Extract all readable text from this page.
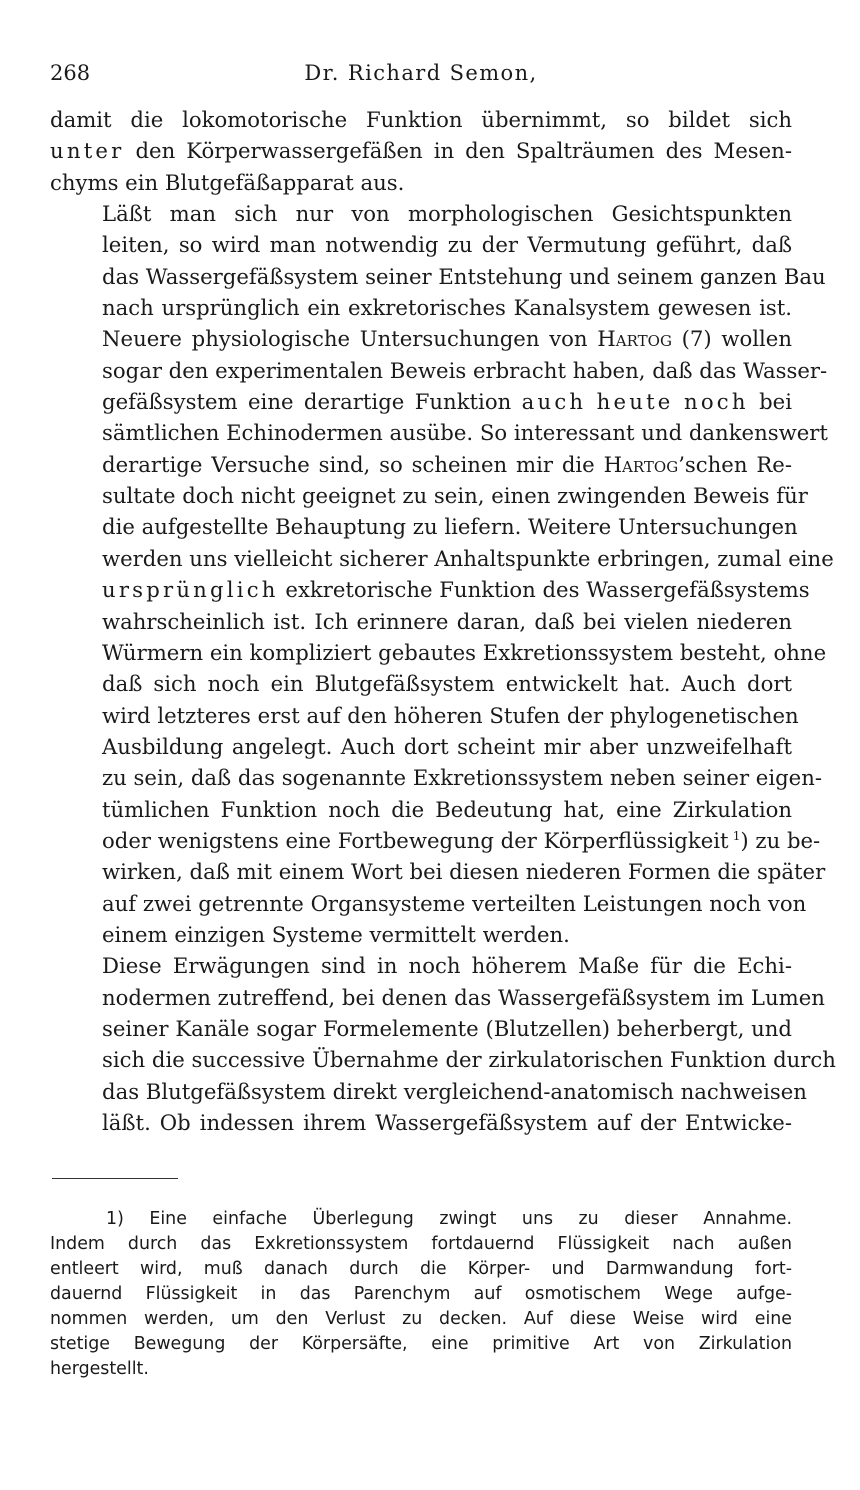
268	Dr. Richard Semon,

damit die lokomotorische Funktion übernimmt, so bildet sich
unter den Körperwassergefäßen in den Spalträumen des Mesen-
chyms ein Blutgefäßapparat aus.

Läßt man sich nur von morphologischen Gesichtspunkten
leiten, so wird man notwendig zu der Vermutung geführt, daß
das Wassergefäßsystem seiner Entstehung und seinem ganzen Bau
nach ursprünglich ein exkretorisches Kanalsystem gewesen ist.
Neuere physiologische Untersuchungen von Hartog (7) wollen
sogar den experimentalen Beweis erbracht haben, daß das Wasser-
gefäßsystem eine derartige Funktion auch heute noch bei
sämtlichen Echinodermen ausübe. So interessant und dankenswert
derartige Versuche sind, so scheinen mir die Hartog’schen Re-
sultate doch nicht geeignet zu sein, einen zwingenden Beweis für
die aufgestellte Behauptung zu liefern. Weitere Untersuchungen
werden uns vielleicht sicherer Anhaltspunkte erbringen, zumal eine
ursprünglich exkretorische Funktion des Wassergefäßsystems
wahrscheinlich ist. Ich erinnere daran, daß bei vielen niederen
Würmern ein kompliziert gebautes Exkretionssystem besteht, ohne
daß sich noch ein Blutgefäßsystem entwickelt hat. Auch dort
wird letzteres erst auf den höheren Stufen der phylogenetischen
Ausbildung angelegt. Auch dort scheint mir aber unzweifelhaft
zu sein, daß das sogenannte Exkretionssystem neben seiner eigen-
tümlichen Funktion noch die Bedeutung hat, eine Zirkulation
oder wenigstens eine Fortbewegung der Körperflüssigkeit  $^1$) zu be-
wirken, daß mit einem Wort bei diesen niederen Formen die später
auf zwei getrennte Organsysteme verteilten Leistungen noch von
einem einzigen Systeme vermittelt werden.

Diese Erwägungen sind in noch höherem Maße für die Echi-
nodermen zutreffend, bei denen das Wassergefäßsystem im Lumen
seiner Kanäle sogar Formelemente (Blutzellen) beherbergt, und
sich die successive Übernahme der zirkulatorischen Funktion durch
das Blutgefäßsystem direkt vergleichend-anatomisch nachweisen
läßt. Ob indessen ihrem Wassergefäßsystem auf der Entwicke-

1) Eine einfache Überlegung zwingt uns zu dieser Annahme.
Indem durch das Exkretionssystem fortdauernd Flüssigkeit nach außen
entleert wird, muß danach durch die Körper- und Darmwandung fort-
dauernd Flüssigkeit in das Parenchym auf osmotischem Wege aufge-
nommen werden, um den Verlust zu decken. Auf diese Weise wird eine
stetige Bewegung der Körpersäfte, eine primitive Art von Zirkulation
hergestellt.
